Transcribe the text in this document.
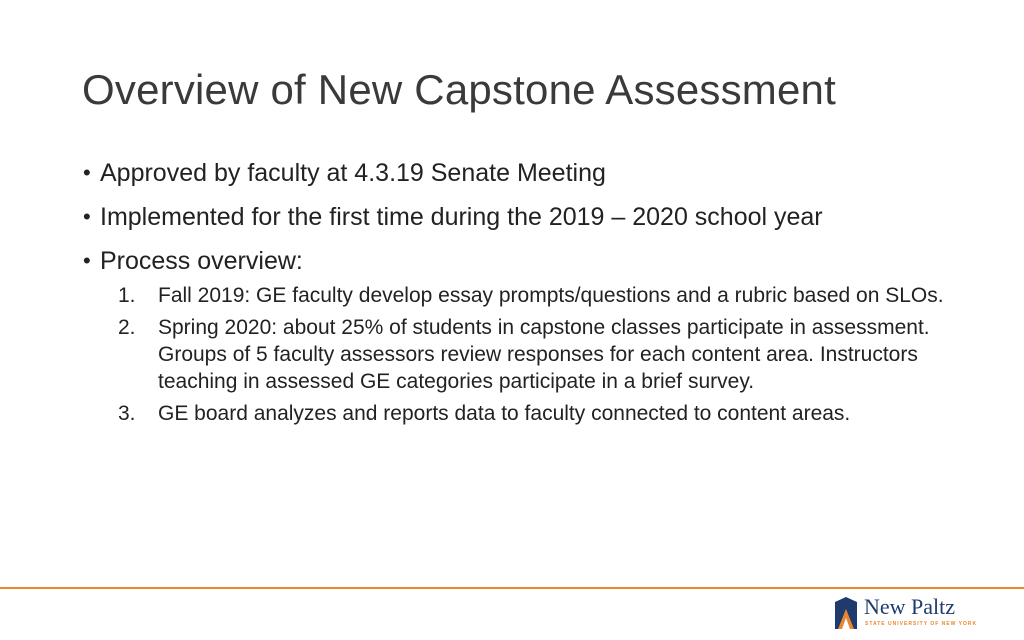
Overview of New Capstone Assessment
• Approved by faculty at 4.3.19 Senate Meeting
• Implemented for the first time during the 2019 – 2020 school year
• Process overview:
1. Fall 2019: GE faculty develop essay prompts/questions and a rubric based on SLOs.
2. Spring 2020: about 25% of students in capstone classes participate in assessment. Groups of 5 faculty assessors review responses for each content area. Instructors teaching in assessed GE categories participate in a brief survey.
3. GE board analyzes and reports data to faculty connected to content areas.
New Paltz
STATE UNIVERSITY OF NEW YORK
